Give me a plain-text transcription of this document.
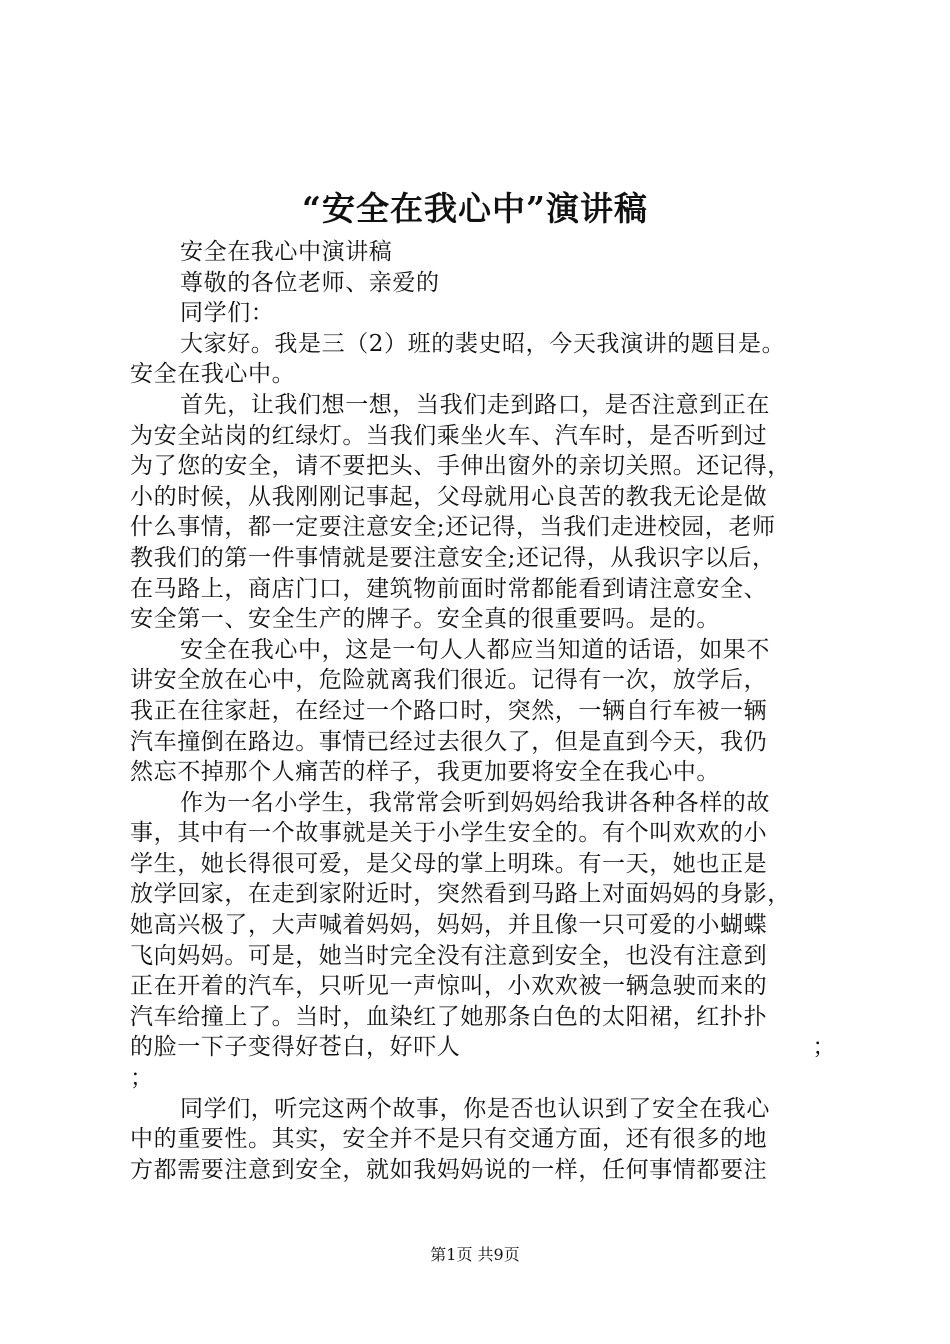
“安全在我心中”演讲稿
安全在我心中演讲稿
尊敬的各位老师、亲爱的
同学们：
大家好。我是三（2）班的裴史昭，今天我演讲的题目是。
安全在我心中。
首先，让我们想一想，当我们走到路口，是否注意到正在
为安全站岗的红绿灯。当我们乘坐火车、汽车时，是否听到过
为了您的安全，请不要把头、手伸出窗外的亲切关照。还记得，
小的时候，从我刚刚记事起，父母就用心良苦的教我无论是做
什么事情，都一定要注意安全;还记得，当我们走进校园，老师
教我们的第一件事情就是要注意安全;还记得，从我识字以后，
在马路上，商店门口，建筑物前面时常都能看到请注意安全、
安全第一、安全生产的牌子。安全真的很重要吗。是的。
安全在我心中，这是一句人人都应当知道的话语，如果不
讲安全放在心中，危险就离我们很近。记得有一次，放学后，
我正在往家赶，在经过一个路口时，突然，一辆自行车被一辆
汽车撞倒在路边。事情已经过去很久了，但是直到今天，我仍
然忘不掉那个人痛苦的样子，我更加要将安全在我心中。
作为一名小学生，我常常会听到妈妈给我讲各种各样的故
事，其中有一个故事就是关于小学生安全的。有个叫欢欢的小
学生，她长得很可爱，是父母的掌上明珠。有一天，她也正是
放学回家，在走到家附近时，突然看到马路上对面妈妈的身影，
她高兴极了，大声喊着妈妈，妈妈，并且像一只可爱的小蝴蝶
飞向妈妈。可是，她当时完全没有注意到安全，也没有注意到
正在开着的汽车，只听见一声惊叫，小欢欢被一辆急驶而来的
汽车给撞上了。当时，血染红了她那条白色的太阳裙，红扑扑
的脸一下子变得好苍白，好吓人	；
；
同学们，听完这两个故事，你是否也认识到了安全在我心
中的重要性。其实，安全并不是只有交通方面，还有很多的地
方都需要注意到安全，就如我妈妈说的一样，任何事情都要注
第1页 共9页
